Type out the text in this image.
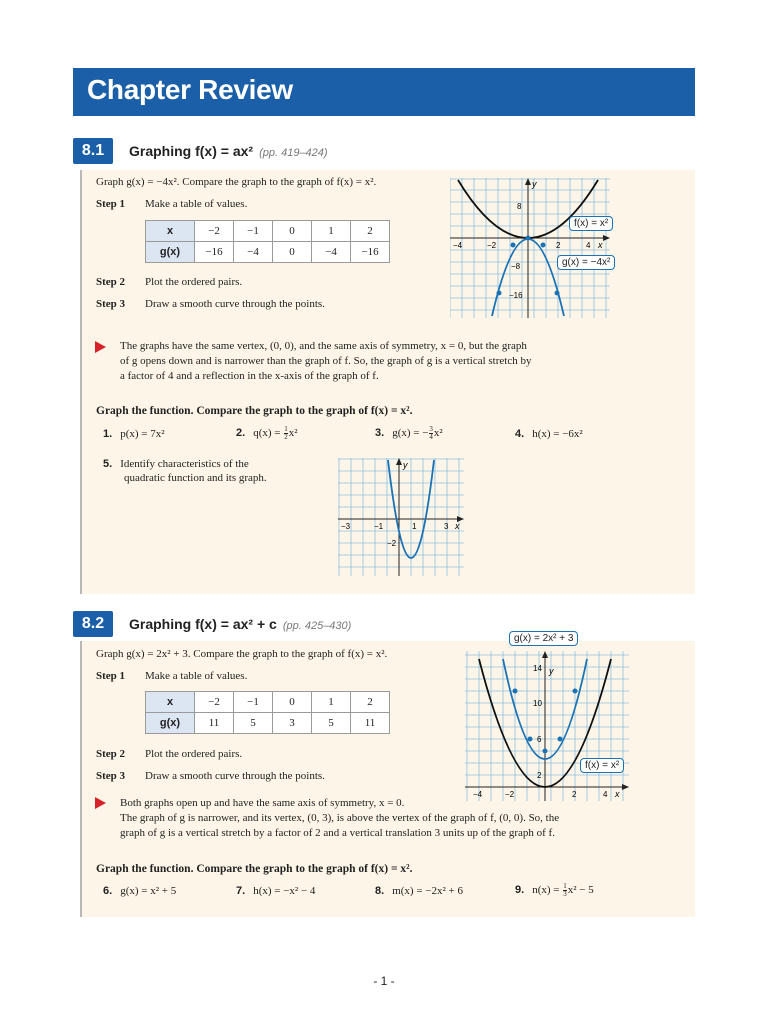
Chapter Review
8.1	Graphing f(x) = ax² (pp. 419–424)
Graph g(x) = −4x². Compare the graph to the graph of f(x) = x².
Step 1 Make a table of values.
x	−2	−1	0	1	2
g(x)	−16	−4	0	−4	−16
Step 2 Plot the ordered pairs.
Step 3 Draw a smooth curve through the points.
y
x
8
−8
−16
−4	−2	2	4
f(x) = x²
g(x) = −4x²
The graphs have the same vertex, (0, 0), and the same axis of symmetry, x = 0, but the graph
of g opens down and is narrower than the graph of f. So, the graph of g is a vertical stretch by
a factor of 4 and a reflection in the x-axis of the graph of f.
Graph the function. Compare the graph to the graph of f(x) = x².
1. p(x) = 7x²	2. $q(x) = \frac{1}{2} x^2$	3. g(x) = − $\frac{3}{4} x^2$	4. h(x) = −6x²
5. Identify characteristics of the
quadratic function and its graph.
y
x
−3	−1	1	3
−2
8.2	Graphing f(x) = ax² + c (pp. 425–430)
Graph g(x) = 2x² + 3. Compare the graph to the graph of f(x) = x².
Step 1 Make a table of values.
x	−2	−1	0	1	2
g(x)	11	5	3	5	11
Step 2 Plot the ordered pairs.
Step 3 Draw a smooth curve through the points.
y
x
14
10
6
2
−4	−2	2	4
g(x) = 2x² + 3
f(x) = x²
Both graphs open up and have the same axis of symmetry, x = 0.
The graph of g is narrower, and its vertex, (0, 3), is above the vertex of the graph of f, (0, 0). So, the
graph of g is a vertical stretch by a factor of 2 and a vertical translation 3 units up of the graph of f.
Graph the function. Compare the graph to the graph of f(x) = x².
6. g(x) = x² + 5	7. h(x) = −x² − 4	8. m(x) = −2x² + 6	9. $n(x) = \frac{1}{3} x^2 - 5$
- 1 -
